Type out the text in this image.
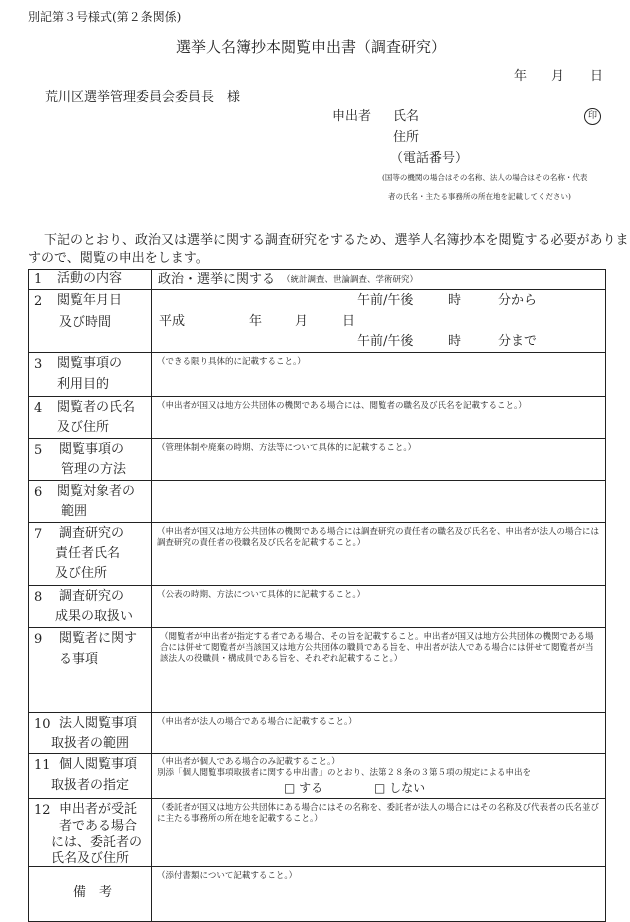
別記第３号様式(第２条関係)
選挙人名簿抄本閲覧申出書（調査研究）
年 月 日
荒川区選挙管理委員会委員長　様
申出者 氏名	印
住所
（電話番号）
(国等の機関の場合はその名称、法人の場合はその名称・代表
者の氏名・主たる事務所の所在地を記載してください)
下記のとおり、政治又は選挙に関する調査研究をするため、選挙人名簿抄本を閲覧する必要がありま
すので、閲覧の申出をします。
1 活動の内容	政治・選挙に関する （統計調査、世論調査、学術研究）
2 閲覧年月日
及び時間
午前/午後	時	分から
平成	年	月	日
午前/午後	時	分まで
3 閲覧事項の
利用目的
（できる限り具体的に記載すること。）
4 閲覧者の氏名
及び住所
（申出者が国又は地方公共団体の機関である場合には、閲覧者の職名及び氏名を記載すること。）
5 閲覧事項の
管理の方法
（管理体制や廃棄の時期、方法等について具体的に記載すること。）
6 閲覧対象者の
範囲
7 調査研究の
責任者氏名
及び住所
（申出者が国又は地方公共団体の機関である場合には調査研究の責任者の職名及び氏名を、申出者が法人の場合には調査研究の責任者の役職名及び氏名を記載すること。）
8 調査研究の
成果の取扱い
（公表の時期、方法について具体的に記載すること。）
9 閲覧者に関す
る事項
（閲覧者が申出者が指定する者である場合、その旨を記載すること。申出者が国又は地方公共団体の機関である場合には併せて閲覧者が当該国又は地方公共団体の職員である旨を、申出者が法人である場合には併せて閲覧者が当該法人の役職員・構成員である旨を、それぞれ記載すること。）
10 法人閲覧事項
取扱者の範囲
（申出者が法人の場合である場合に記載すること。）
11 個人閲覧事項
取扱者の指定
（申出者が個人である場合のみ記載すること。）
別添「個人閲覧事項取扱者に関する申出書」のとおり、法第２８条の３第５項の規定による申出を
□ する	□ しない
12 申出者が受託
者である場合
には、委託者の
氏名及び住所
（委託者が国又は地方公共団体にある場合にはその名称を、委託者が法人の場合にはその名称及び代表者の氏名並びに主たる事務所の所在地を記載すること。）
備　考
（添付書類について記載すること。）
